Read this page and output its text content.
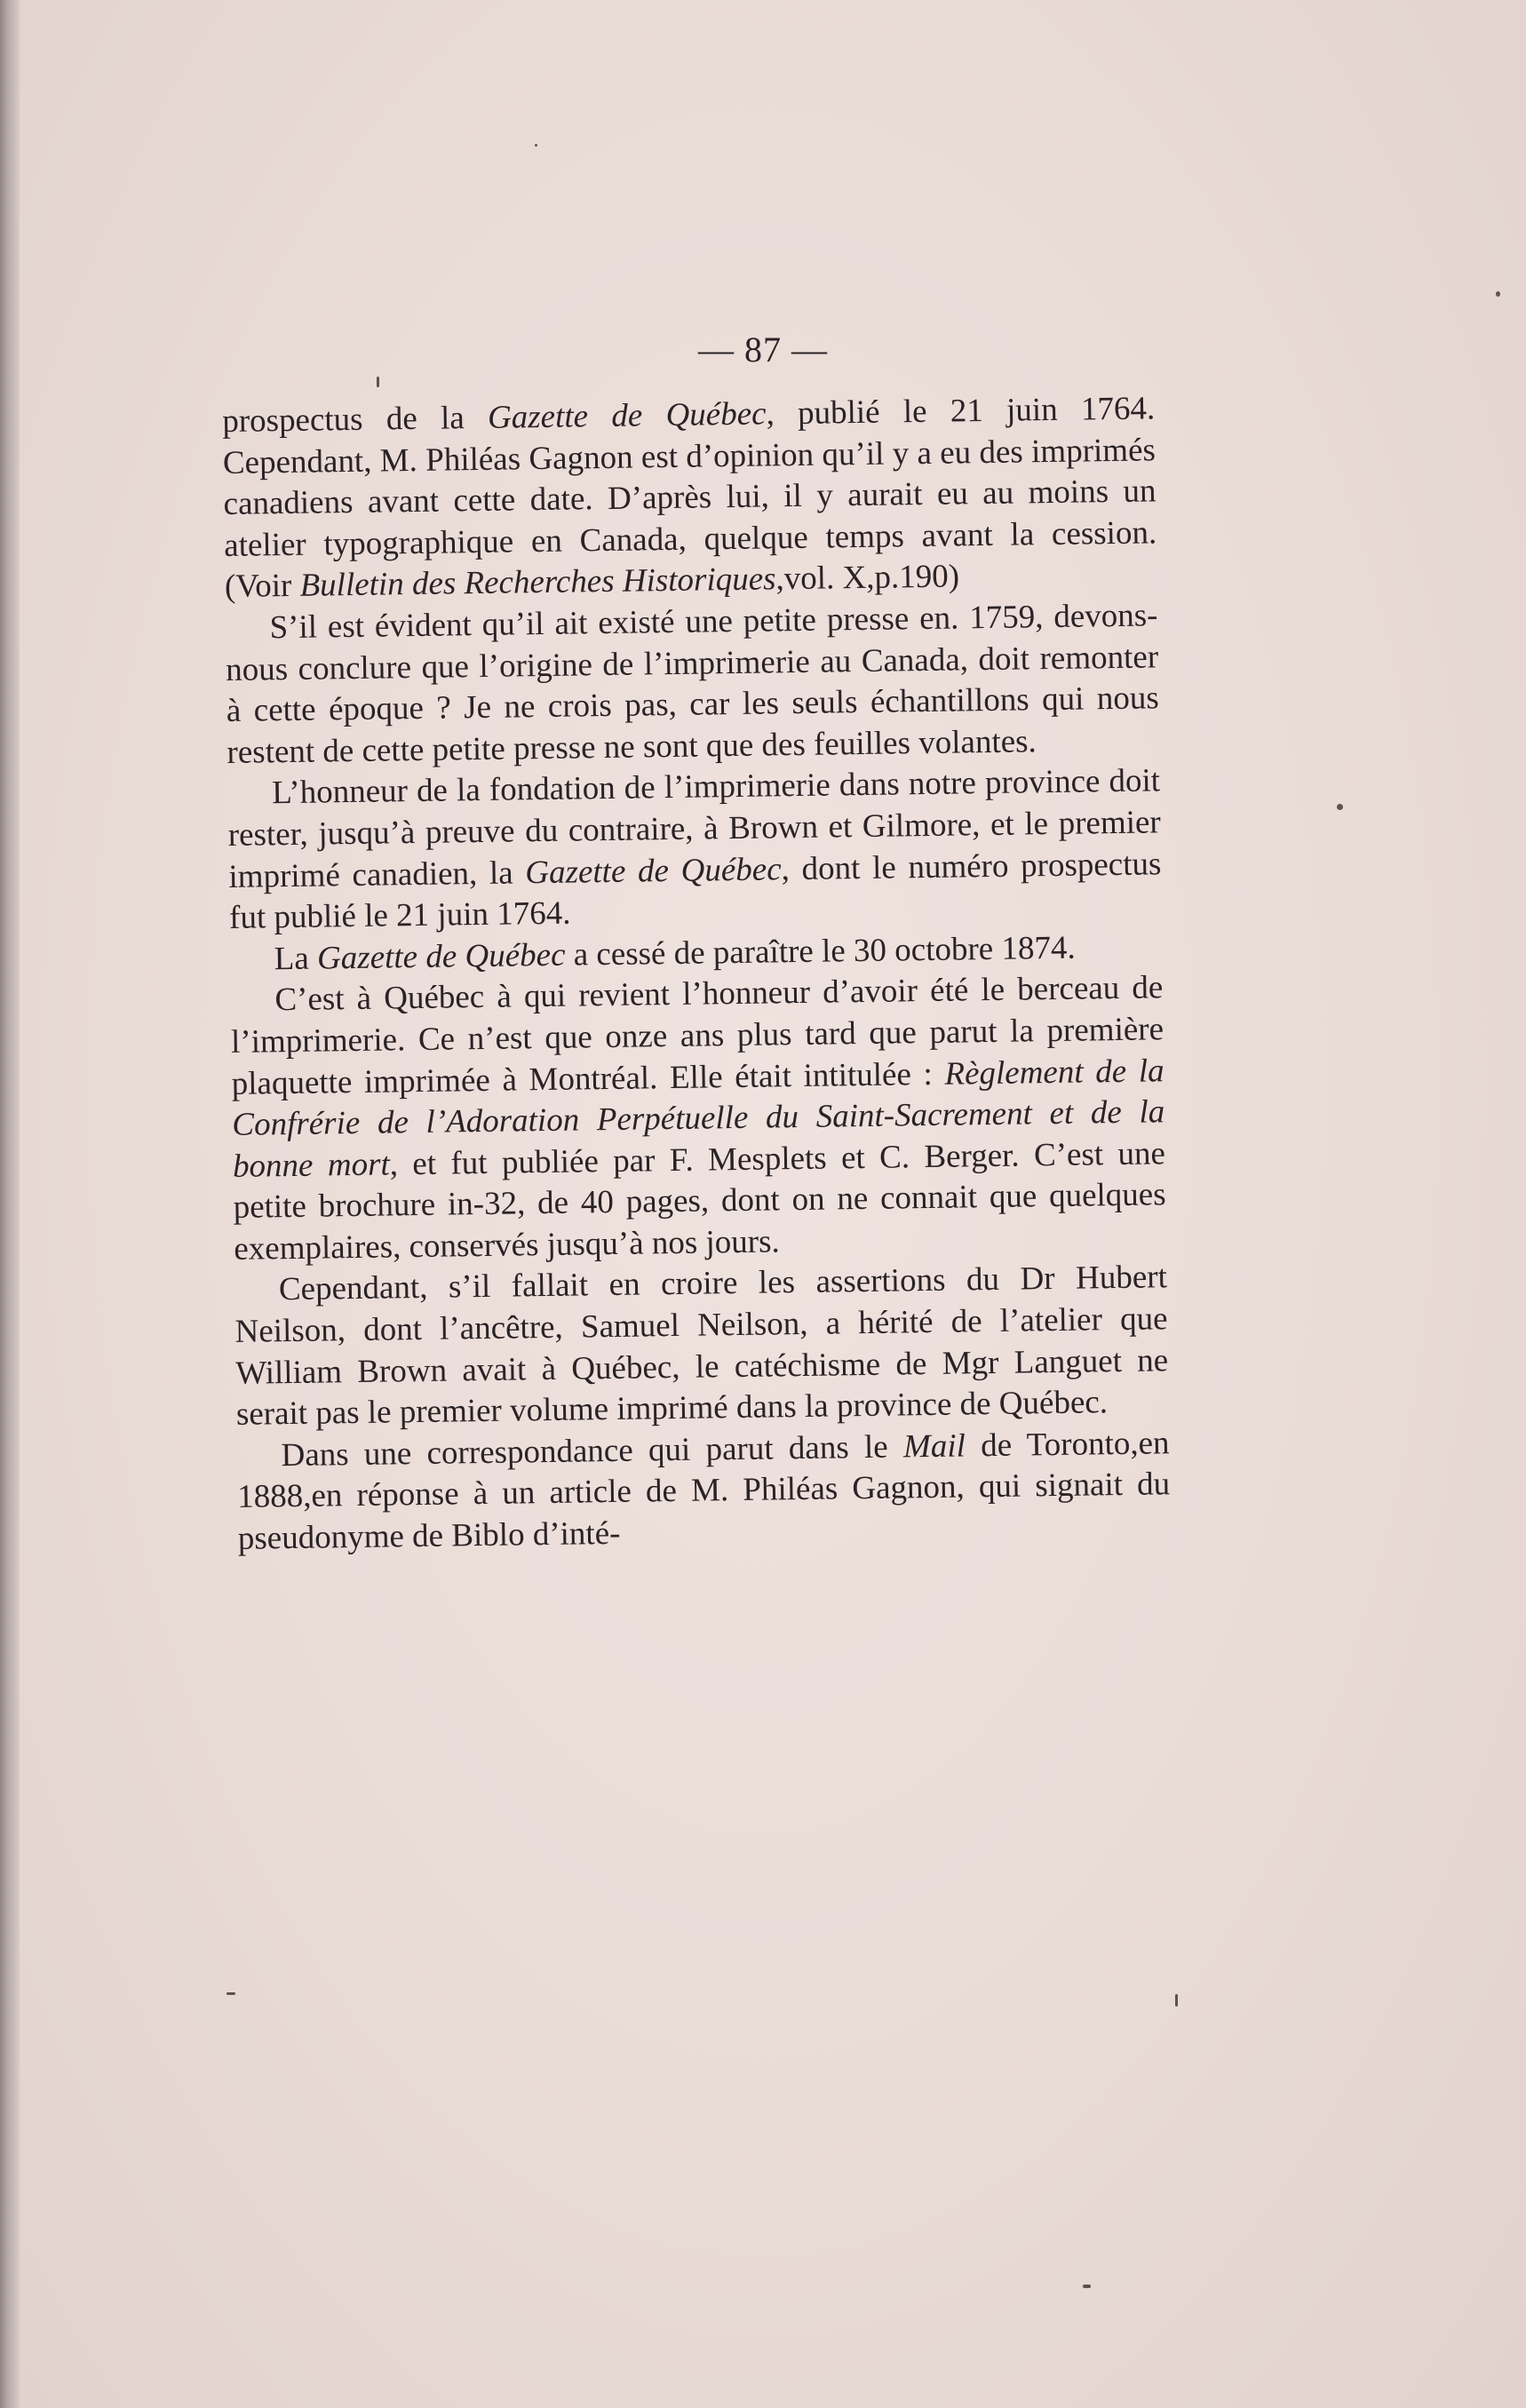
— 87 —

prospectus de la Gazette de Québec, publié le 21 juin 1764. Cependant, M. Philéas Gagnon est d’opinion qu’il y a eu des imprimés canadiens avant cette date. D’après lui, il y aurait eu au moins un atelier typographique en Canada, quelque temps avant la cession. (Voir Bulletin des Recherches Historiques,vol. X,p.190)

S’il est évident qu’il ait existé une petite presse en. 1759, devons-nous conclure que l’origine de l’imprimerie au Canada, doit remonter à cette époque ? Je ne crois pas, car les seuls échantillons qui nous restent de cette petite presse ne sont que des feuilles volantes.

L’honneur de la fondation de l’imprimerie dans notre province doit rester, jusqu’à preuve du contraire, à Brown et Gilmore, et le premier imprimé canadien, la Gazette de Québec, dont le numéro prospectus fut publié le 21 juin 1764.

La Gazette de Québec a cessé de paraître le 30 octobre 1874.

C’est à Québec à qui revient l’honneur d’avoir été le berceau de l’imprimerie. Ce n’est que onze ans plus tard que parut la première plaquette imprimée à Montréal. Elle était intitulée : Règlement de la Confrérie de l’Adoration Perpétuelle du Saint-Sacrement et de la bonne mort, et fut publiée par F. Mesplets et C. Berger. C’est une petite brochure in-32, de 40 pages, dont on ne connait que quelques exemplaires, conservés jusqu’à nos jours.

Cependant, s’il fallait en croire les assertions du Dr Hubert Neilson, dont l’ancêtre, Samuel Neilson, a hérité de l’atelier que William Brown avait à Québec, le catéchisme de Mgr Languet ne serait pas le premier volume imprimé dans la province de Québec.

Dans une correspondance qui parut dans le Mail de Toronto,en 1888,en réponse à un article de M. Philéas Gagnon, qui signait du pseudonyme de Biblo d’inté-
